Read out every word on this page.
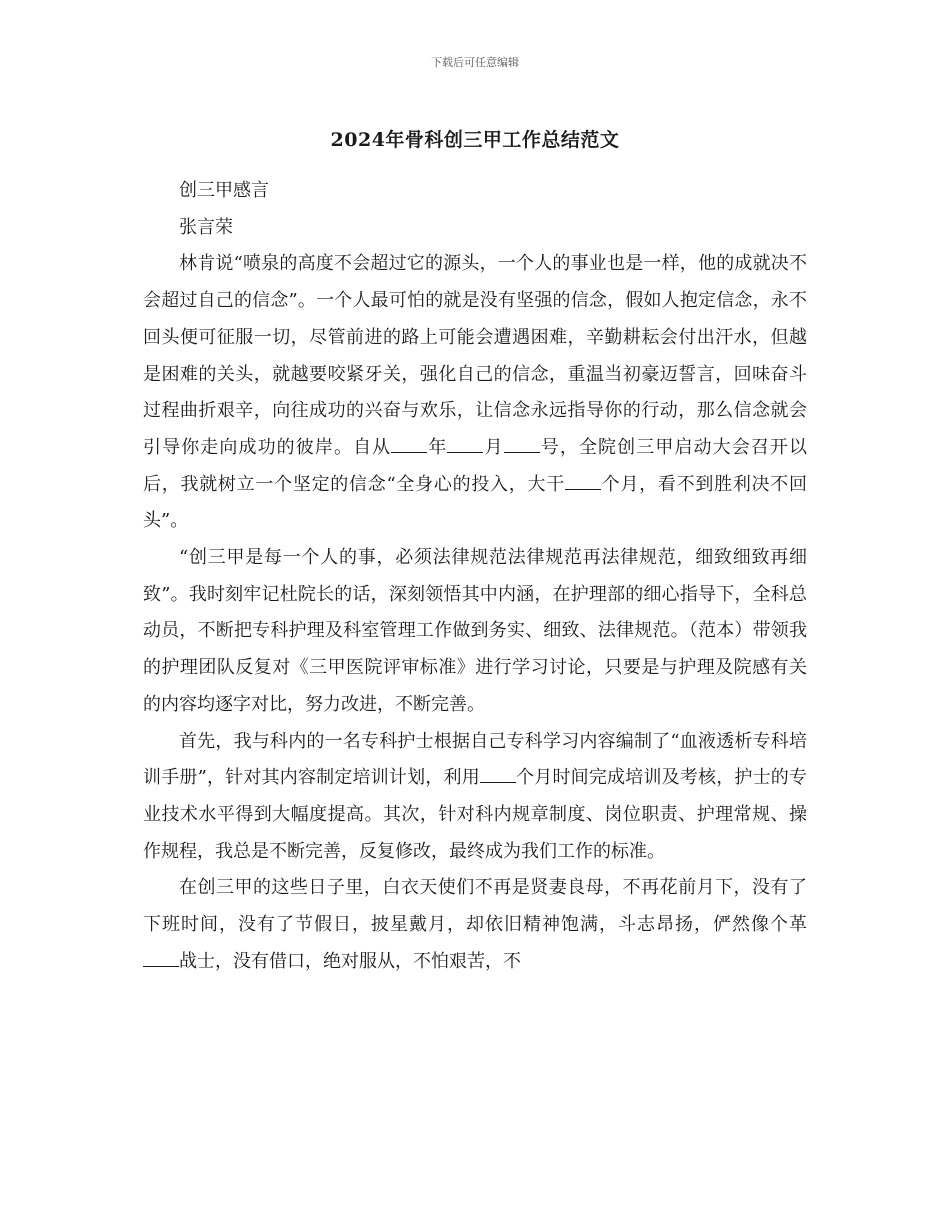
下载后可任意编辑
2024年骨科创三甲工作总结范文

创三甲感言

张言荣

林肯说“喷泉的高度不会超过它的源头，一个人的事业也是一样，他的成就决不会超过自己的信念”。一个人最可怕的就是没有坚强的信念，假如人抱定信念，永不回头便可征服一切，尽管前进的路上可能会遭遇困难，辛勤耕耘会付出汗水，但越是困难的关头，就越要咬紧牙关，强化自己的信念，重温当初豪迈誓言，回味奋斗过程曲折艰辛，向往成功的兴奋与欢乐，让信念永远指导你的行动，那么信念就会引导你走向成功的彼岸。自从 年 月 号，全院创三甲启动大会召开以后，我就树立一个坚定的信念“全身心的投入，大干 个月，看不到胜利决不回头”。

“创三甲是每一个人的事，必须法律规范法律规范再法律规范，细致细致再细致”。我时刻牢记杜院长的话，深刻领悟其中内涵，在护理部的细心指导下，全科总动员，不断把专科护理及科室管理工作做到务实、细致、法律规范。（范本）带领我的护理团队反复对《三甲医院评审标准》进行学习讨论，只要是与护理及院感有关的内容均逐字对比，努力改进，不断完善。

首先，我与科内的一名专科护士根据自己专科学习内容编制了“血液透析专科培训手册”，针对其内容制定培训计划，利用 个月时间完成培训及考核，护士的专业技术水平得到大幅度提高。其次，针对科内规章制度、岗位职责、护理常规、操作规程，我总是不断完善，反复修改，最终成为我们工作的标准。

在创三甲的这些日子里，白衣天使们不再是贤妻良母，不再花前月下，没有了下班时间，没有了节假日，披星戴月，却依旧精神饱满，斗志昂扬，俨然像个革战士，没有借口，绝对服从，不怕艰苦，不
